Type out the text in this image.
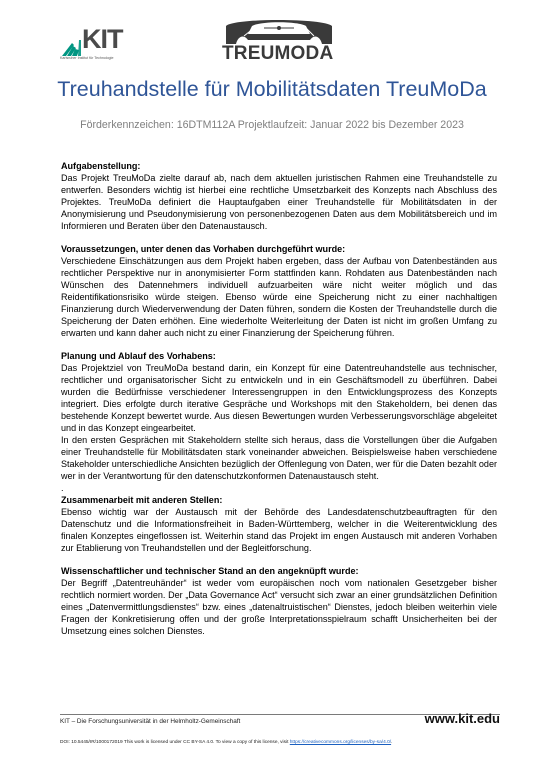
KIT
Karlsruher Institut für Technologie	TREUMODA
Treuhandstelle für Mobilitätsdaten TreuMoDa
Förderkennzeichen: 16DTM112A Projektlaufzeit: Januar 2022 bis Dezember 2023
Aufgabenstellung:

Das Projekt TreuMoDa zielte darauf ab, nach dem aktuellen juristischen Rahmen eine Treuhandstelle zu entwerfen. Besonders wichtig ist hierbei eine rechtliche Umsetzbarkeit des Konzepts nach Abschluss des Projektes. TreuMoDa definiert die Hauptaufgaben einer Treuhandstelle für Mobilitätsdaten in der Anonymisierung und Pseudonymisierung von personenbezogenen Daten aus dem Mobilitätsbereich und im Informieren und Beraten über den Datenaustausch.

Voraussetzungen, unter denen das Vorhaben durchgeführt wurde:

Verschiedene Einschätzungen aus dem Projekt haben ergeben, dass der Aufbau von Datenbeständen aus rechtlicher Perspektive nur in anonymisierter Form stattfinden kann. Rohdaten aus Datenbeständen nach Wünschen des Datennehmers individuell aufzuarbeiten wäre nicht weiter möglich und das Reidentifikationsrisiko würde steigen. Ebenso würde eine Speicherung nicht zu einer nachhaltigen Finanzierung durch Wiederverwendung der Daten führen, sondern die Kosten der Treuhandstelle durch die Speicherung der Daten erhöhen. Eine wiederholte Weiterleitung der Daten ist nicht im großen Umfang zu erwarten und kann daher auch nicht zu einer Finanzierung der Speicherung führen.

Planung und Ablauf des Vorhabens:

Das Projektziel von TreuMoDa bestand darin, ein Konzept für eine Datentreuhandstelle aus technischer, rechtlicher und organisatorischer Sicht zu entwickeln und in ein Geschäftsmodell zu überführen. Dabei wurden die Bedürfnisse verschiedener Interessengruppen in den Entwicklungsprozess des Konzepts integriert. Dies erfolgte durch iterative Gespräche und Workshops mit den Stakeholdern, bei denen das bestehende Konzept bewertet wurde. Aus diesen Bewertungen wurden Verbesserungsvorschläge abgeleitet und in das Konzept eingearbeitet.

In den ersten Gesprächen mit Stakeholdern stellte sich heraus, dass die Vorstellungen über die Aufgaben einer Treuhandstelle für Mobilitätsdaten stark voneinander abweichen. Beispielsweise haben verschiedene Stakeholder unterschiedliche Ansichten bezüglich der Offenlegung von Daten, wer für die Daten bezahlt oder wer in der Verantwortung für den datenschutzkonformen Datenaustausch steht.

.
Zusammenarbeit mit anderen Stellen:

Ebenso wichtig war der Austausch mit der Behörde des Landesdatenschutzbeauftragten für den Datenschutz und die Informationsfreiheit in Baden-Württemberg, welcher in die Weiterentwicklung des finalen Konzeptes eingeflossen ist. Weiterhin stand das Projekt im engen Austausch mit anderen Vorhaben zur Etablierung von Treuhandstellen und der Begleitforschung.

Wissenschaftlicher und technischer Stand an den angeknüpft wurde:

Der Begriff „Datentreuhänder“ ist weder vom europäischen noch vom nationalen Gesetzgeber bisher rechtlich normiert worden. Der „Data Governance Act“ versucht sich zwar an einer grundsätzlichen Definition eines „Datenvermittlungsdienstes“ bzw. eines „datenaltruistischen“ Dienstes, jedoch bleiben weiterhin viele Fragen der Konkretisierung offen und der große Interpretationsspielraum schafft Unsicherheiten bei der Umsetzung eines solchen Dienstes.

KIT – Die Forschungsuniversität in der Helmholtz-Gemeinschaft	www.kit.edu
DOI: 10.5445/IR/1000172019 This work is licensed under CC BY-SA 4.0. To view a copy of this license, visit https://creativecommons.org/licenses/by-sa/4.0/.
